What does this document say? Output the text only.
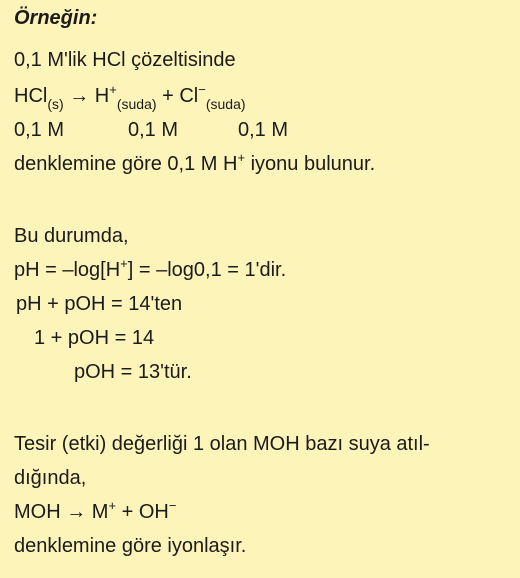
Örneğin:
0,1 M'lik HCl çözeltisinde
$HCl_{(s)} \to H^+_{(suda)} + Cl^-_{(suda)}$
0,1 M	0,1 M	0,1 M
denklemine göre 0,1 M H+ iyonu bulunur.
Bu durumda,
pH = –log[H+] = –log0,1 = 1'dir.
pH + pOH = 14'ten
1 + pOH = 14
pOH = 13'tür.
Tesir (etki) değerliği 1 olan MOH bazı suya atıl-
dığında,
MOH → M+ + OH−
denklemine göre iyonlaşır.
